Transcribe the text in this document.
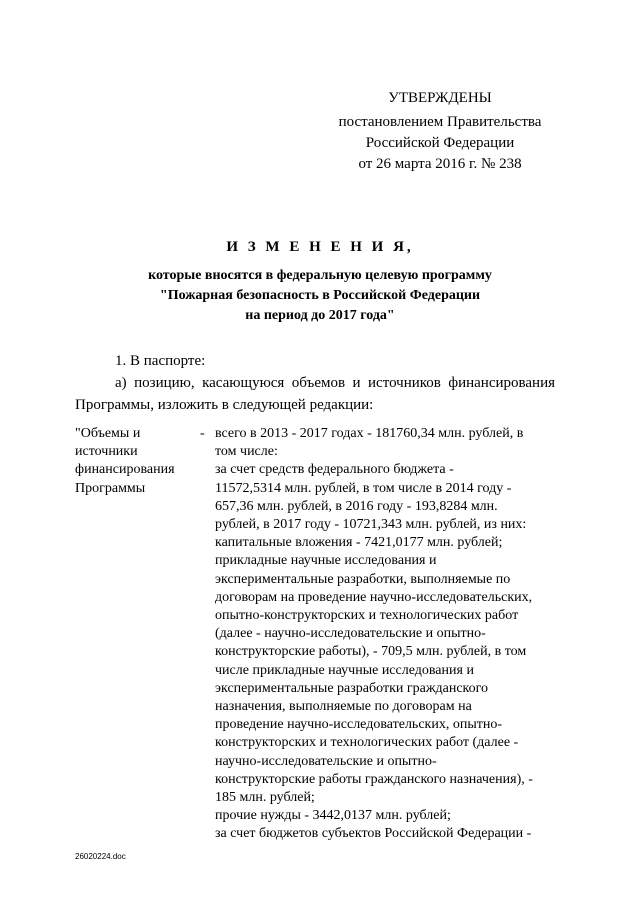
УТВЕРЖДЕНЫ
постановлением Правительства
Российской Федерации
от 26 марта 2016 г. № 238
И З М Е Н Е Н И Я,
которые вносятся в федеральную целевую программу
"Пожарная безопасность в Российской Федерации
на период до 2017 года"
1. В паспорте:
а) позицию, касающуюся объемов и источников финансирования
Программы, изложить в следующей редакции:
"Объемы и
источники
финансирования
Программы
- всего в 2013 - 2017 годах - 181760,34 млн. рублей, в
том числе:
за счет средств федерального бюджета -
11572,5314 млн. рублей, в том числе в 2014 году -
657,36 млн. рублей, в 2016 году - 193,8284 млн.
рублей, в 2017 году - 10721,343 млн. рублей, из них:
капитальные вложения - 7421,0177 млн. рублей;
прикладные научные исследования и
экспериментальные разработки, выполняемые по
договорам на проведение научно-исследовательских,
опытно-конструкторских и технологических работ
(далее - научно-исследовательские и опытно-
конструкторские работы), - 709,5 млн. рублей, в том
числе прикладные научные исследования и
экспериментальные разработки гражданского
назначения, выполняемые по договорам на
проведение научно-исследовательских, опытно-
конструкторских и технологических работ (далее -
научно-исследовательские и опытно-
конструкторские работы гражданского назначения), -
185 млн. рублей;
прочие нужды - 3442,0137 млн. рублей;
за счет бюджетов субъектов Российской Федерации -
26020224.doc
